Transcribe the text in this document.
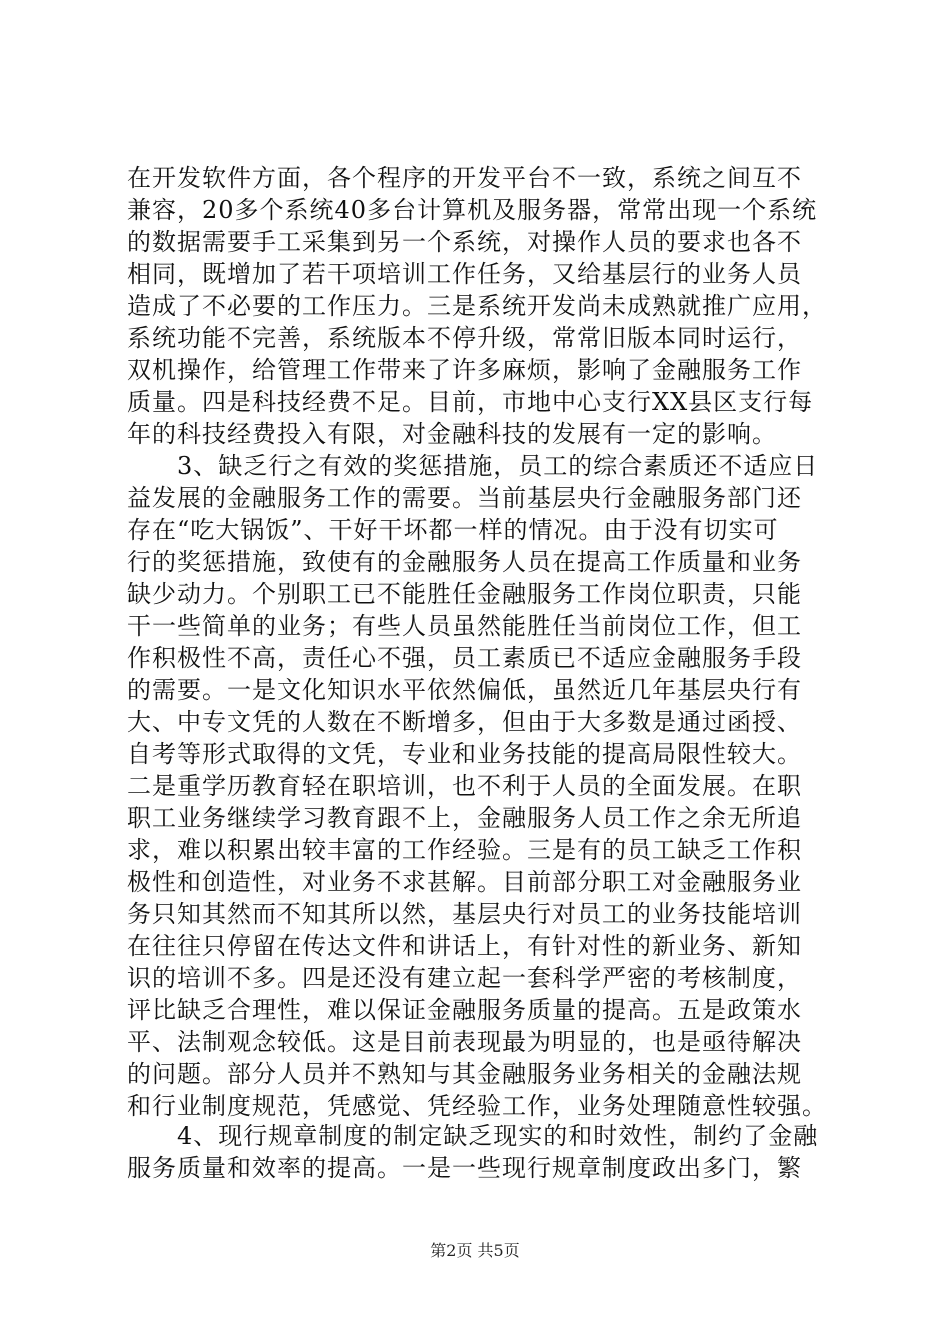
在开发软件方面，各个程序的开发平台不一致，系统之间互不
兼容，20多个系统40多台计算机及服务器，常常出现一个系统
的数据需要手工采集到另一个系统，对操作人员的要求也各不
相同，既增加了若干项培训工作任务，又给基层行的业务人员
造成了不必要的工作压力。三是系统开发尚未成熟就推广应用，
系统功能不完善，系统版本不停升级，常常旧版本同时运行，
双机操作，给管理工作带来了许多麻烦，影响了金融服务工作
质量。四是科技经费不足。目前，市地中心支行XX县区支行每
年的科技经费投入有限，对金融科技的发展有一定的影响。
　　3、缺乏行之有效的奖惩措施，员工的综合素质还不适应日
益发展的金融服务工作的需要。当前基层央行金融服务部门还
存在“吃大锅饭”、干好干坏都一样的情况。由于没有切实可
行的奖惩措施，致使有的金融服务人员在提高工作质量和业务
缺少动力。个别职工已不能胜任金融服务工作岗位职责，只能
干一些简单的业务；有些人员虽然能胜任当前岗位工作，但工
作积极性不高，责任心不强，员工素质已不适应金融服务手段
的需要。一是文化知识水平依然偏低，虽然近几年基层央行有
大、中专文凭的人数在不断增多，但由于大多数是通过函授、
自考等形式取得的文凭，专业和业务技能的提高局限性较大。
二是重学历教育轻在职培训，也不利于人员的全面发展。在职
职工业务继续学习教育跟不上，金融服务人员工作之余无所追
求，难以积累出较丰富的工作经验。三是有的员工缺乏工作积
极性和创造性，对业务不求甚解。目前部分职工对金融服务业
务只知其然而不知其所以然，基层央行对员工的业务技能培训
在往往只停留在传达文件和讲话上，有针对性的新业务、新知
识的培训不多。四是还没有建立起一套科学严密的考核制度，
评比缺乏合理性，难以保证金融服务质量的提高。五是政策水
平、法制观念较低。这是目前表现最为明显的，也是亟待解决
的问题。部分人员并不熟知与其金融服务业务相关的金融法规
和行业制度规范，凭感觉、凭经验工作，业务处理随意性较强。
　　4、现行规章制度的制定缺乏现实的和时效性，制约了金融
服务质量和效率的提高。一是一些现行规章制度政出多门，繁
第2页 共5页
